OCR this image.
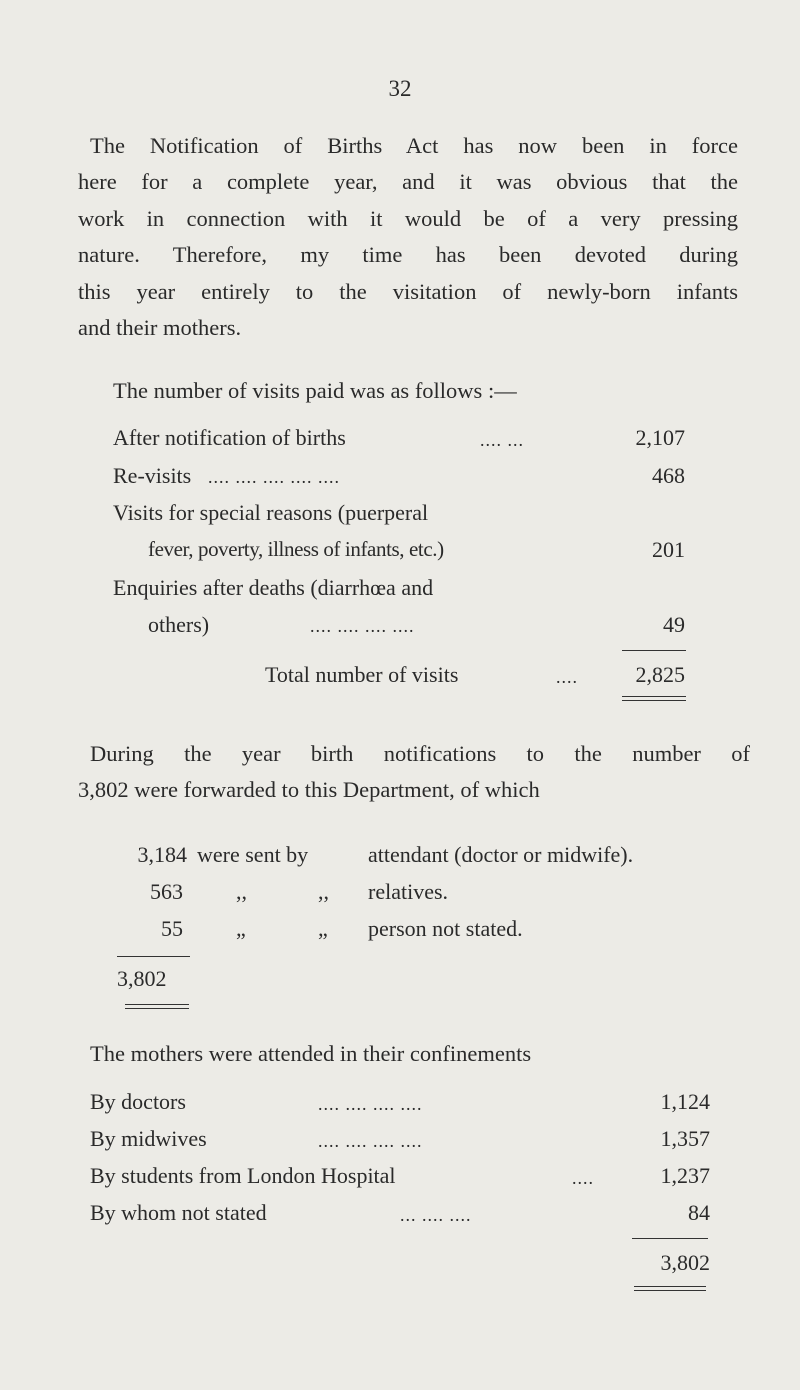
32
The Notification of Births Act has now been in force
here for a complete year, and it was obvious that the
work in connection with it would be of a very pressing
nature. Therefore, my time has been devoted during
this year entirely to the visitation of newly-born infants
and their mothers.
The number of visits paid was as follows :—
After notification of births	.... ...	2,107
Re-visits .... .... .... .... ....	468
Visits for special reasons (puerperal
fever, poverty, illness of infants, etc.)	201
Enquiries after deaths (diarrhœa and
others)	.... .... .... ....	49
Total number of visits	....	2,825
During the year birth notifications to the number of
3,802 were forwarded to this Department, of which
3,184 were sent by	attendant (doctor or midwife).
563 ,,	,, relatives.
55 „	„ person not stated.
3,802
The mothers were attended in their confinements
By doctors	.... .... .... ....	1,124
By midwives	.... .... .... ....	1,357
By students from London Hospital	....	1,237
By whom not stated	... .... ....	84
3,802
